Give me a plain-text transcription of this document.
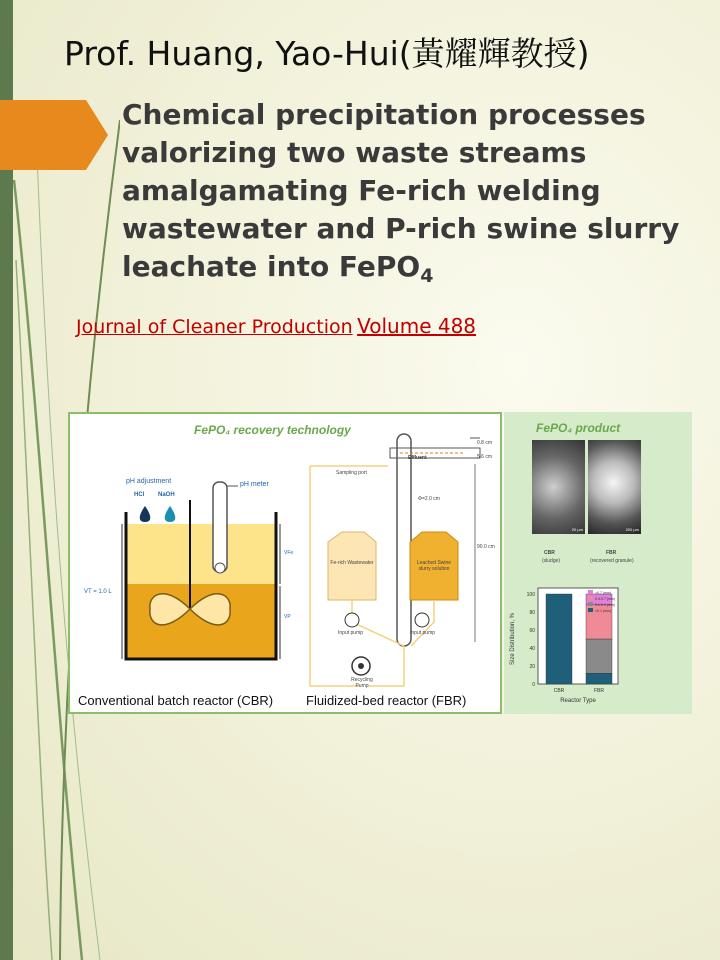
Prof. Huang, Yao-Hui(黃耀輝教授)
Chemical precipitation processes valorizing two waste streams amalgamating Fe-rich welding wastewater and P-rich swine slurry leachate into FePO$_4$
Journal of Cleaner Production Volume 488
FePO₄ recovery technology
pH adjustment
HCl NaOH
pH meter
VFe
VP
VT = 1.0 L
Sampling port
Effluent
0.8 cm
5.6 cm
Φ=2.0 cm
90.0 cm
Fe-rich Wastewater	Leached Swine slurry solution
Input pump	Input pump
Recycling Pump
Conventional batch reactor (CBR)	Fluidized-bed reactor (FBR)
FePO₄ product
20 μm	200 μm
CBR
(sludge)
FBR
(recovered granule)
0
20
40
60
80
100
CBR	FBR
Reactor Type
Size Distribution, %
>0.7 (mm)
0.4-0.7 (mm)
0.1-0.4 (mm)
<0.1 (mm)
